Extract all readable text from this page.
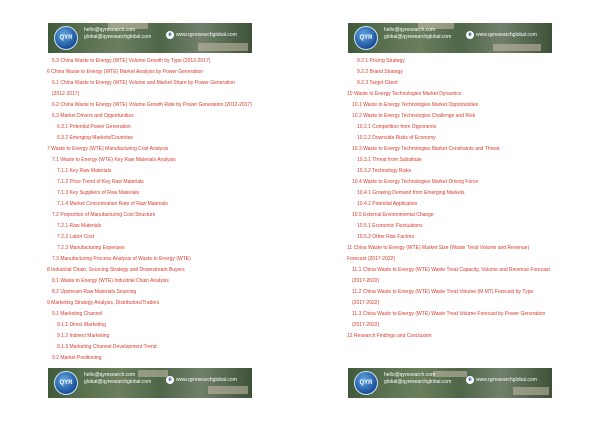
QYR
hello@qyresearch.com
global@qyresearchglobal.com	e www.qyresearchglobal.com
5.3 China Waste to Energy (WTE) Volume Growth by Type (2012-2017)
6 China Waste to Energy (WTE) Market Analysis by Power Generation
6.1 China Waste to Energy (WTE) Volume and Market Share by Power Generation
(2012-2017)
6.2 China Waste to Energy (WTE) Volume Growth Rate by Power Generation (2012-2017)
6.3 Market Drivers and Opportunities
6.3.1 Potential Power Generation
6.3.2 Emerging Markets/Countries
7 Waste to Energy (WTE) Manufacturing Cost Analysis
7.1 Waste to Energy (WTE) Key Raw Materials Analysis
7.1.1 Key Raw Materials
7.1.2 Price Trend of Key Raw Materials
7.1.3 Key Suppliers of Raw Materials
7.1.4 Market Concentration Rate of Raw Materials
7.2 Proportion of Manufacturing Cost Structure
7.2.1 Raw Materials
7.2.2 Labor Cost
7.2.3 Manufacturing Expenses
7.3 Manufacturing Process Analysis of Waste to Energy (WTE)
8 Industrial Chain, Sourcing Strategy and Downstream Buyers
8.1 Waste to Energy (WTE) Industrial Chain Analysis
8.2 Upstream Raw Materials Sourcing
9 Marketing Strategy Analysis, Distributors/Traders
9.1 Marketing Channel
9.1.1 Direct Marketing
9.1.2 Indirect Marketing
9.1.3 Marketing Channel Development Trend
9.2 Market Positioning
QYR
hello@qyresearch.com
global@qyresearchglobal.com	e www.qyresearchglobal.com
QYR
hello@qyresearch.com
global@qyresearchglobal.com	e www.qyresearchglobal.com
9.2.1 Pricing Strategy
9.2.2 Brand Strategy
9.2.3 Target Client
10 Waste to Energy Technologies Market Dynamics
10.1 Waste to Energy Technologies Market Opportunities
10.2 Waste to Energy Technologies Challenge and Risk
10.2.1 Competition from Opponents
10.2.2 Downside Risks of Economy
10.3 Waste to Energy Technologies Market Constraints and Threat
10.3.1 Threat from Substitute
10.3.2 Technology Risks
10.4 Waste to Energy Technologies Market Driving Force
10.4.1 Growing Demand from Emerging Markets
10.4.2 Potential Application
10.5 External Environmental Change
10.5.1 Economic Fluctuations
10.5.2 Other Risk Factors
11 China Waste to Energy (WTE) Market Size (Waste Treat Volume and Revenue)
Forecast (2017-2022)
11.1 China Waste to Energy (WTE) Waste Treat Capacity, Volume and Revenue Forecast
(2017-2022)
11.2 China Waste to Energy (WTE) Waste Treat Volume (M MT) Forecast by Type
(2017-2022)
11.3 China Waste to Energy (WTE) Waste Treat Volume Forecast by Power Generation
(2017-2022)
12 Research Findings and Conclusion
QYR
hello@qyresearch.com
global@qyresearchglobal.com	e www.qyresearchglobal.com
